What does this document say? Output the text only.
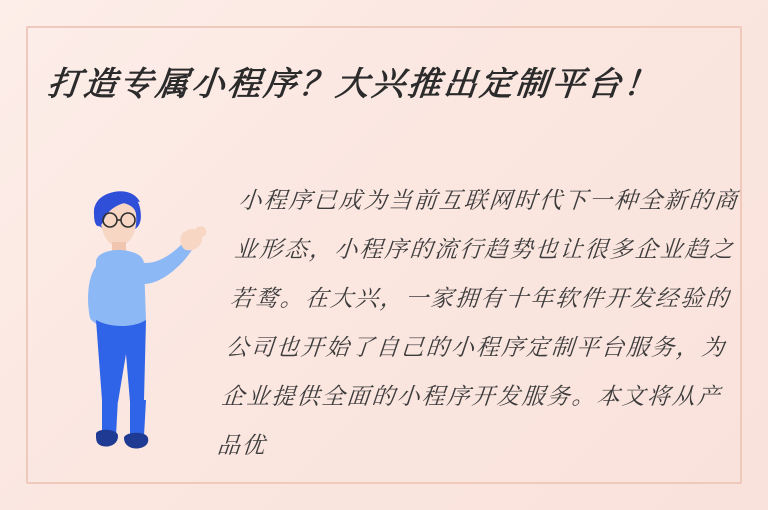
打造专属小程序？大兴推出定制平台！
小程序已成为当前互联网时代下一种全新的商业形态，小程序的流行趋势也让很多企业趋之若鹜。在大兴，一家拥有十年软件开发经验的公司也开始了自己的小程序定制平台服务，为企业提供全面的小程序开发服务。本文将从产品优
